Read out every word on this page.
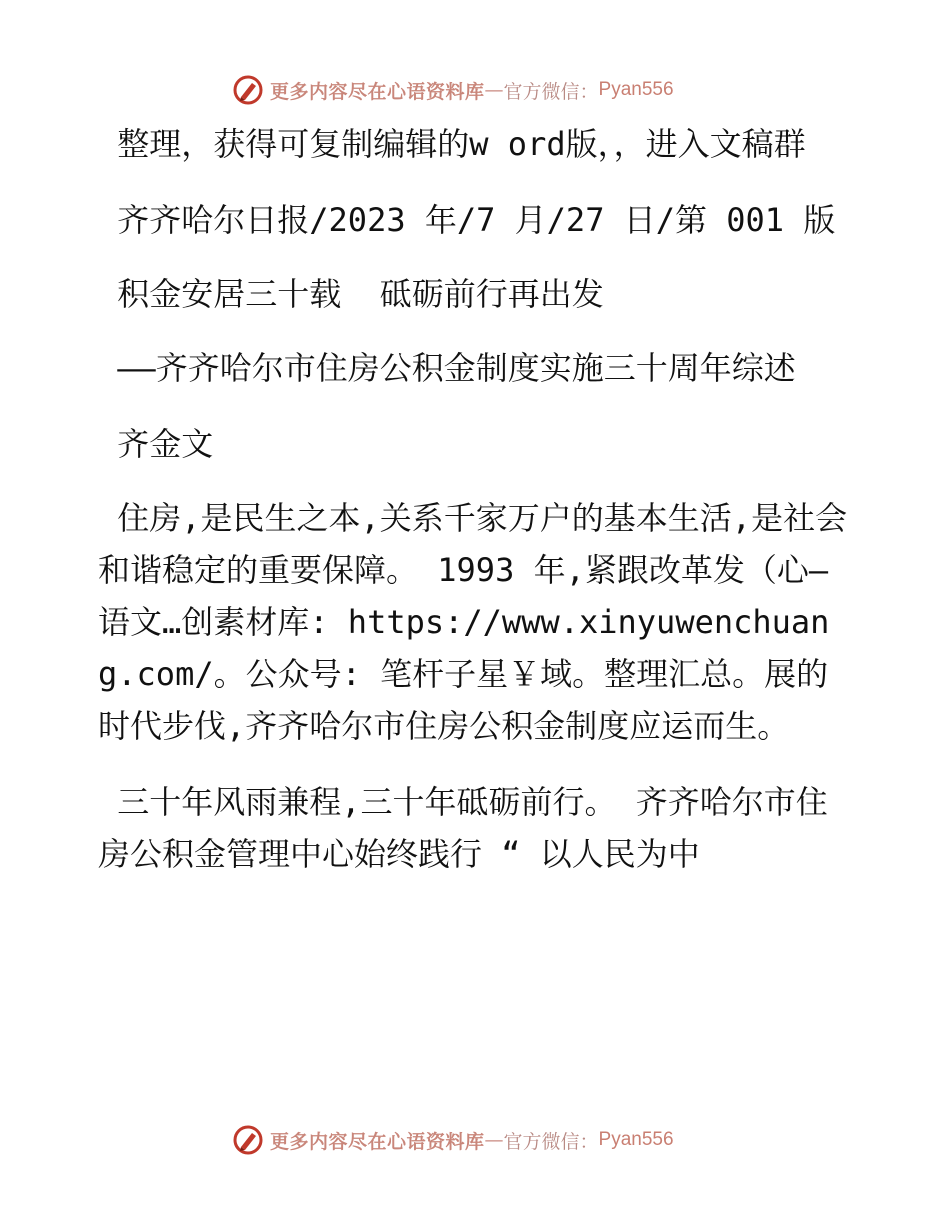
更多内容尽在心语资料库 — 官方微信： Pyan556

整理，获得可复制编辑的w ord版，，进入文稿群

齐齐哈尔日报/2023 年/7 月/27 日/第 001 版

积金安居三十载  砥砺前行再出发

——齐齐哈尔市住房公积金制度实施三十周年综述

齐金文

住房,是民生之本,关系千家万户的基本生活,是社会和谐稳定的重要保障。 1993 年,紧跟改革发（心—语文…创素材库: https://www.xinyuwenchuang.com/。公众号: 笔杆子星￥域。整理汇总。展的时代步伐,齐齐哈尔市住房公积金制度应运而生。

三十年风雨兼程,三十年砥砺前行。 齐齐哈尔市住房公积金管理中心始终践行 “ 以人民为中

更多内容尽在心语资料库 — 官方微信： Pyan556
